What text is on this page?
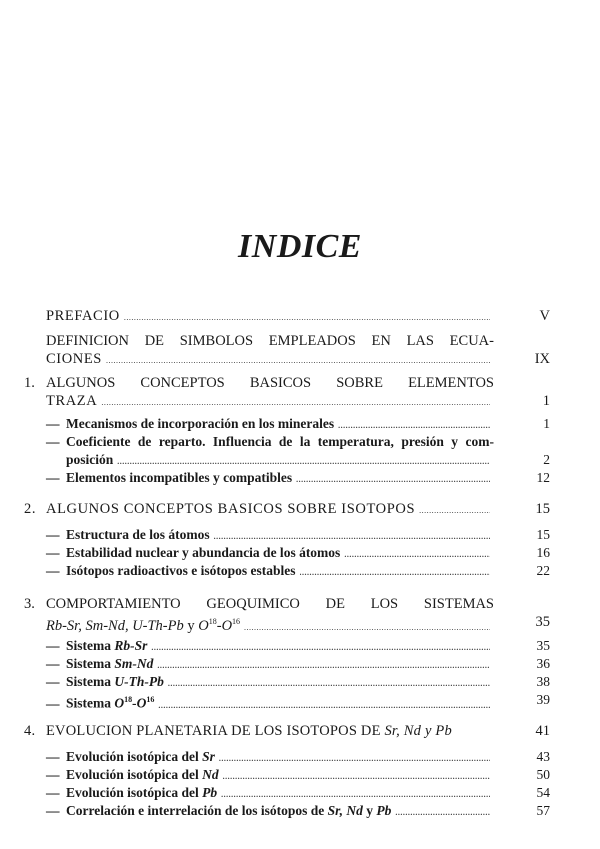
INDICE
PREFACIO .....	V
DEFINICION DE SIMBOLOS EMPLEADOS EN LAS ECUA-
CIONES .....	IX
1. ALGUNOS CONCEPTOS BASICOS SOBRE ELEMENTOS
TRAZA .....	1
— Mecanismos de incorporación en los minerales .....	1
— Coeficiente de reparto. Influencia de la temperatura, presión y com-
posición .....	2
— Elementos incompatibles y compatibles .....	12
2. ALGUNOS CONCEPTOS BASICOS SOBRE ISOTOPOS .....	15
— Estructura de los átomos .....	15
— Estabilidad nuclear y abundancia de los átomos .....	16
— Isótopos radioactivos e isótopos estables .....	22
3. COMPORTAMIENTO GEOQUIMICO DE LOS SISTEMAS
Rb-Sr, Sm-Nd, U-Th-Pb y $O^{18}-O^{16}$ .....	35
— Sistema Rb-Sr .....	35
— Sistema Sm-Nd .....	36
— Sistema U-Th-Pb .....	38
— Sistema $O^{18}-O^{16}$ .....	39
4. EVOLUCION PLANETARIA DE LOS ISOTOPOS DE Sr, Nd y Pb	41
— Evolución isotópica del Sr .....	43
— Evolución isotópica del Nd .....	50
— Evolución isotópica del Pb .....	54
— Correlación e interrelación de los isótopos de Sr, Nd y Pb .....	57
